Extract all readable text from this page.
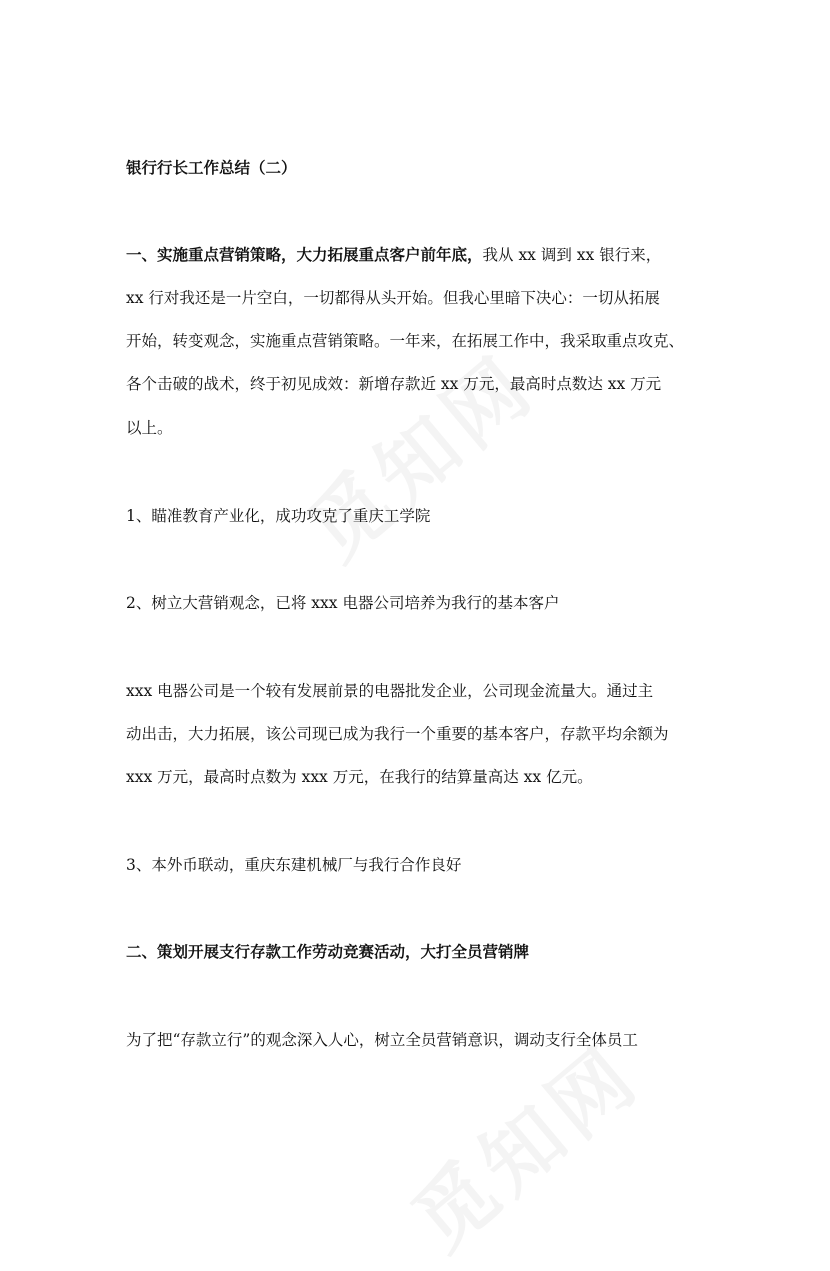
银行行长工作总结（二）
一、实施重点营销策略，大力拓展重点客户前年底，我从 xx 调到 xx 银行来，
xx 行对我还是一片空白，一切都得从头开始。但我心里暗下决心：一切从拓展
开始，转变观念，实施重点营销策略。一年来，在拓展工作中，我采取重点攻克、
各个击破的战术，终于初见成效：新增存款近 xx 万元，最高时点数达 xx 万元
以上。
1、瞄准教育产业化，成功攻克了重庆工学院
2、树立大营销观念，已将 xxx 电器公司培养为我行的基本客户
xxx 电器公司是一个较有发展前景的电器批发企业，公司现金流量大。通过主
动出击，大力拓展，该公司现已成为我行一个重要的基本客户，存款平均余额为
xxx 万元，最高时点数为 xxx 万元，在我行的结算量高达 xx 亿元。
3、本外币联动，重庆东建机械厂与我行合作良好
二、策划开展支行存款工作劳动竞赛活动，大打全员营销牌
为了把“存款立行”的观念深入人心，树立全员营销意识，调动支行全体员工
